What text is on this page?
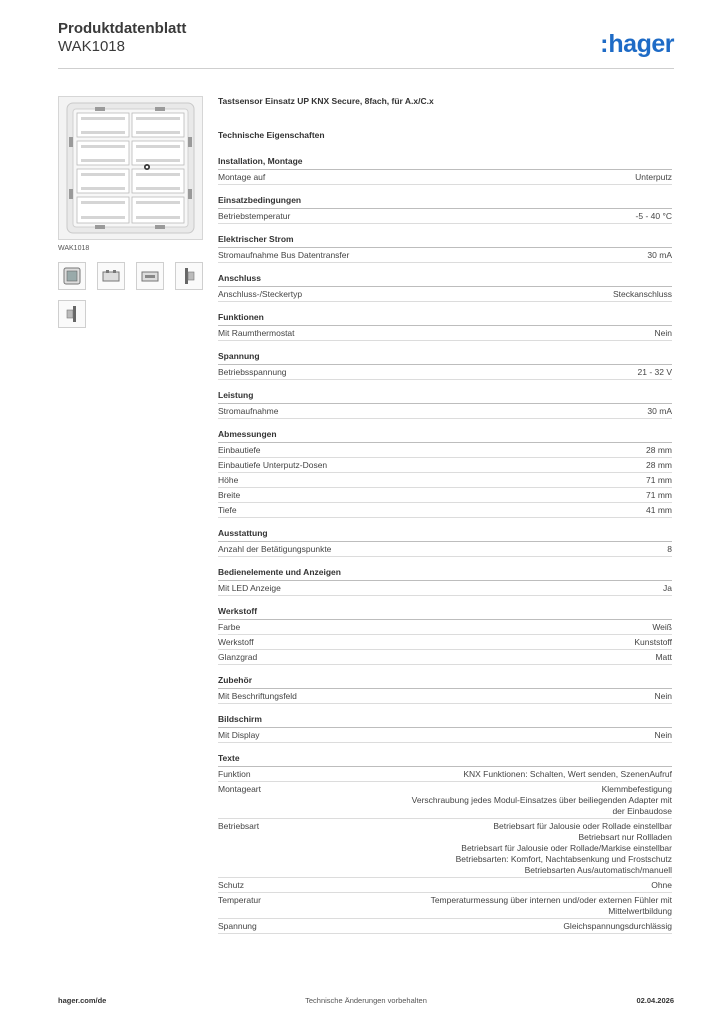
Produktdatenblatt
WAK1018	:hager
WAK1018
Tastsensor Einsatz UP KNX Secure, 8fach, für A.x/C.x
Technische Eigenschaften
Installation, Montage
Montage auf	Unterputz
Einsatzbedingungen
Betriebstemperatur	-5 - 40 °C
Elektrischer Strom
Stromaufnahme Bus Datentransfer	30 mA
Anschluss
Anschluss-/Steckertyp	Steckanschluss
Funktionen
Mit Raumthermostat	Nein
Spannung
Betriebsspannung	21 - 32 V
Leistung
Stromaufnahme	30 mA
Abmessungen
Einbautiefe	28 mm
Einbautiefe Unterputz-Dosen	28 mm
Höhe	71 mm
Breite	71 mm
Tiefe	41 mm
Ausstattung
Anzahl der Betätigungspunkte	8
Bedienelemente und Anzeigen
Mit LED Anzeige	Ja
Werkstoff
Farbe	Weiß
Werkstoff	Kunststoff
Glanzgrad	Matt
Zubehör
Mit Beschriftungsfeld	Nein
Bildschirm
Mit Display	Nein
Texte
Funktion	KNX Funktionen: Schalten, Wert senden, SzenenAufruf
Montageart	Klemmbefestigung
Verschraubung jedes Modul-Einsatzes über beiliegenden Adapter mit
der Einbaudose
Betriebsart	Betriebsart für Jalousie oder Rollade einstellbar
Betriebsart nur Rollladen
Betriebsart für Jalousie oder Rollade/Markise einstellbar
Betriebsarten: Komfort, Nachtabsenkung und Frostschutz
Betriebsarten Aus/automatisch/manuell
Schutz	Ohne
Temperatur	Temperaturmessung über internen und/oder externen Fühler mit
Mittelwertbildung
Spannung	Gleichspannungsdurchlässig
hager.com/de	Technische Änderungen vorbehalten	02.04.2026
